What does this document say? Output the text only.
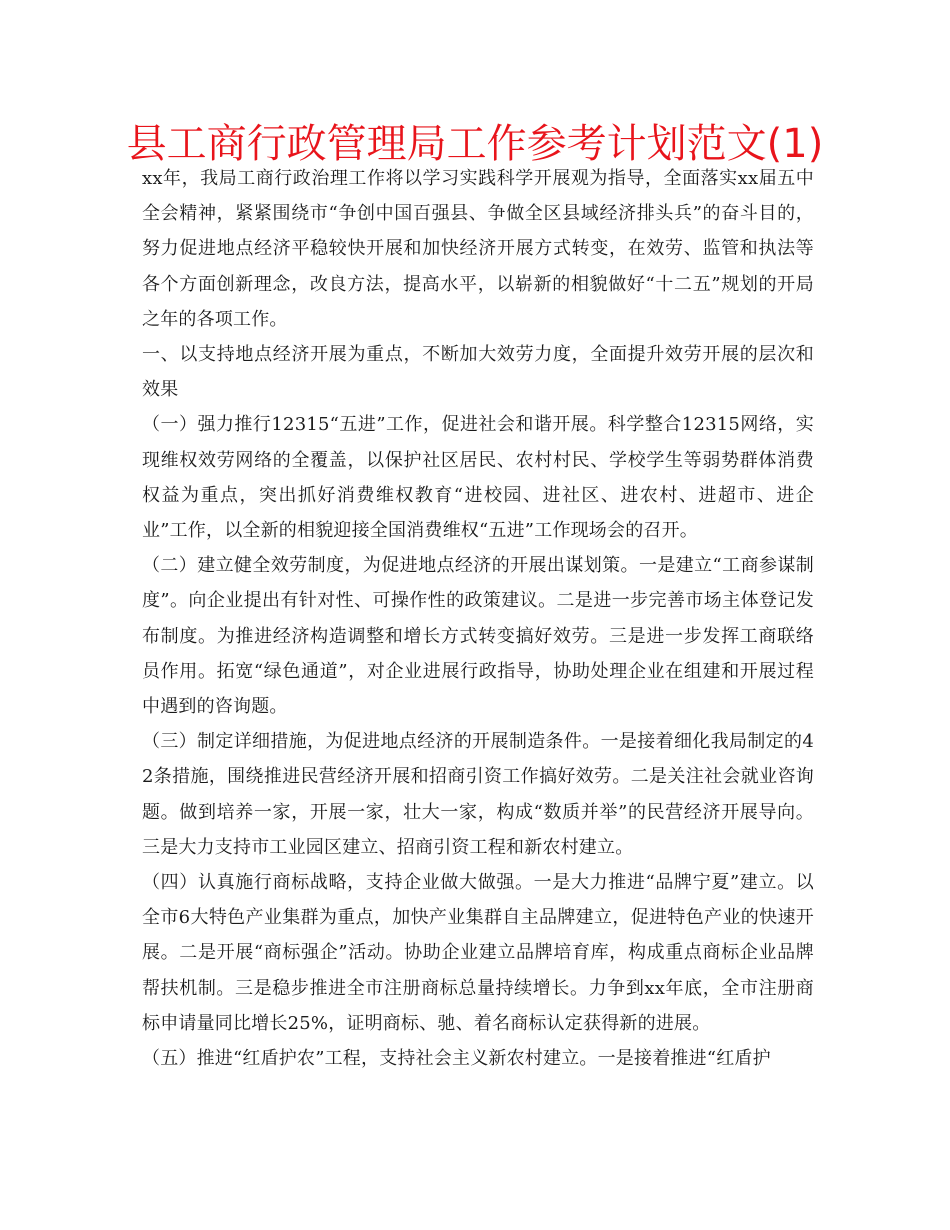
县工商行政管理局工作参考计划范文(1)

xx年，我局工商行政治理工作将以学习实践科学开展观为指导，全面落实xx届五中全会精神，紧紧围绕市“争创中国百强县、争做全区县域经济排头兵”的奋斗目的，努力促进地点经济平稳较快开展和加快经济开展方式转变，在效劳、监管和执法等各个方面创新理念，改良方法，提高水平，以崭新的相貌做好“十二五”规划的开局之年的各项工作。

一、以支持地点经济开展为重点，不断加大效劳力度，全面提升效劳开展的层次和效果

（一）强力推行12315“五进”工作，促进社会和谐开展。科学整合12315网络，实现维权效劳网络的全覆盖，以保护社区居民、农村村民、学校学生等弱势群体消费权益为重点，突出抓好消费维权教育“进校园、进社区、进农村、进超市、进企业”工作，以全新的相貌迎接全国消费维权“五进”工作现场会的召开。

（二）建立健全效劳制度，为促进地点经济的开展出谋划策。一是建立“工商参谋制度”。向企业提出有针对性、可操作性的政策建议。二是进一步完善市场主体登记发布制度。为推进经济构造调整和增长方式转变搞好效劳。三是进一步发挥工商联络员作用。拓宽“绿色通道”，对企业进展行政指导，协助处理企业在组建和开展过程中遇到的咨询题。

（三）制定详细措施，为促进地点经济的开展制造条件。一是接着细化我局制定的42条措施，围绕推进民营经济开展和招商引资工作搞好效劳。二是关注社会就业咨询题。做到培养一家，开展一家，壮大一家，构成“数质并举”的民营经济开展导向。三是大力支持市工业园区建立、招商引资工程和新农村建立。

（四）认真施行商标战略，支持企业做大做强。一是大力推进“品牌宁夏”建立。以全市6大特色产业集群为重点，加快产业集群自主品牌建立，促进特色产业的快速开展。二是开展“商标强企”活动。协助企业建立品牌培育库，构成重点商标企业品牌帮扶机制。三是稳步推进全市注册商标总量持续增长。力争到xx年底，全市注册商标申请量同比增长25%，证明商标、驰、着名商标认定获得新的进展。

（五）推进“红盾护农”工程，支持社会主义新农村建立。一是接着推进“红盾护
